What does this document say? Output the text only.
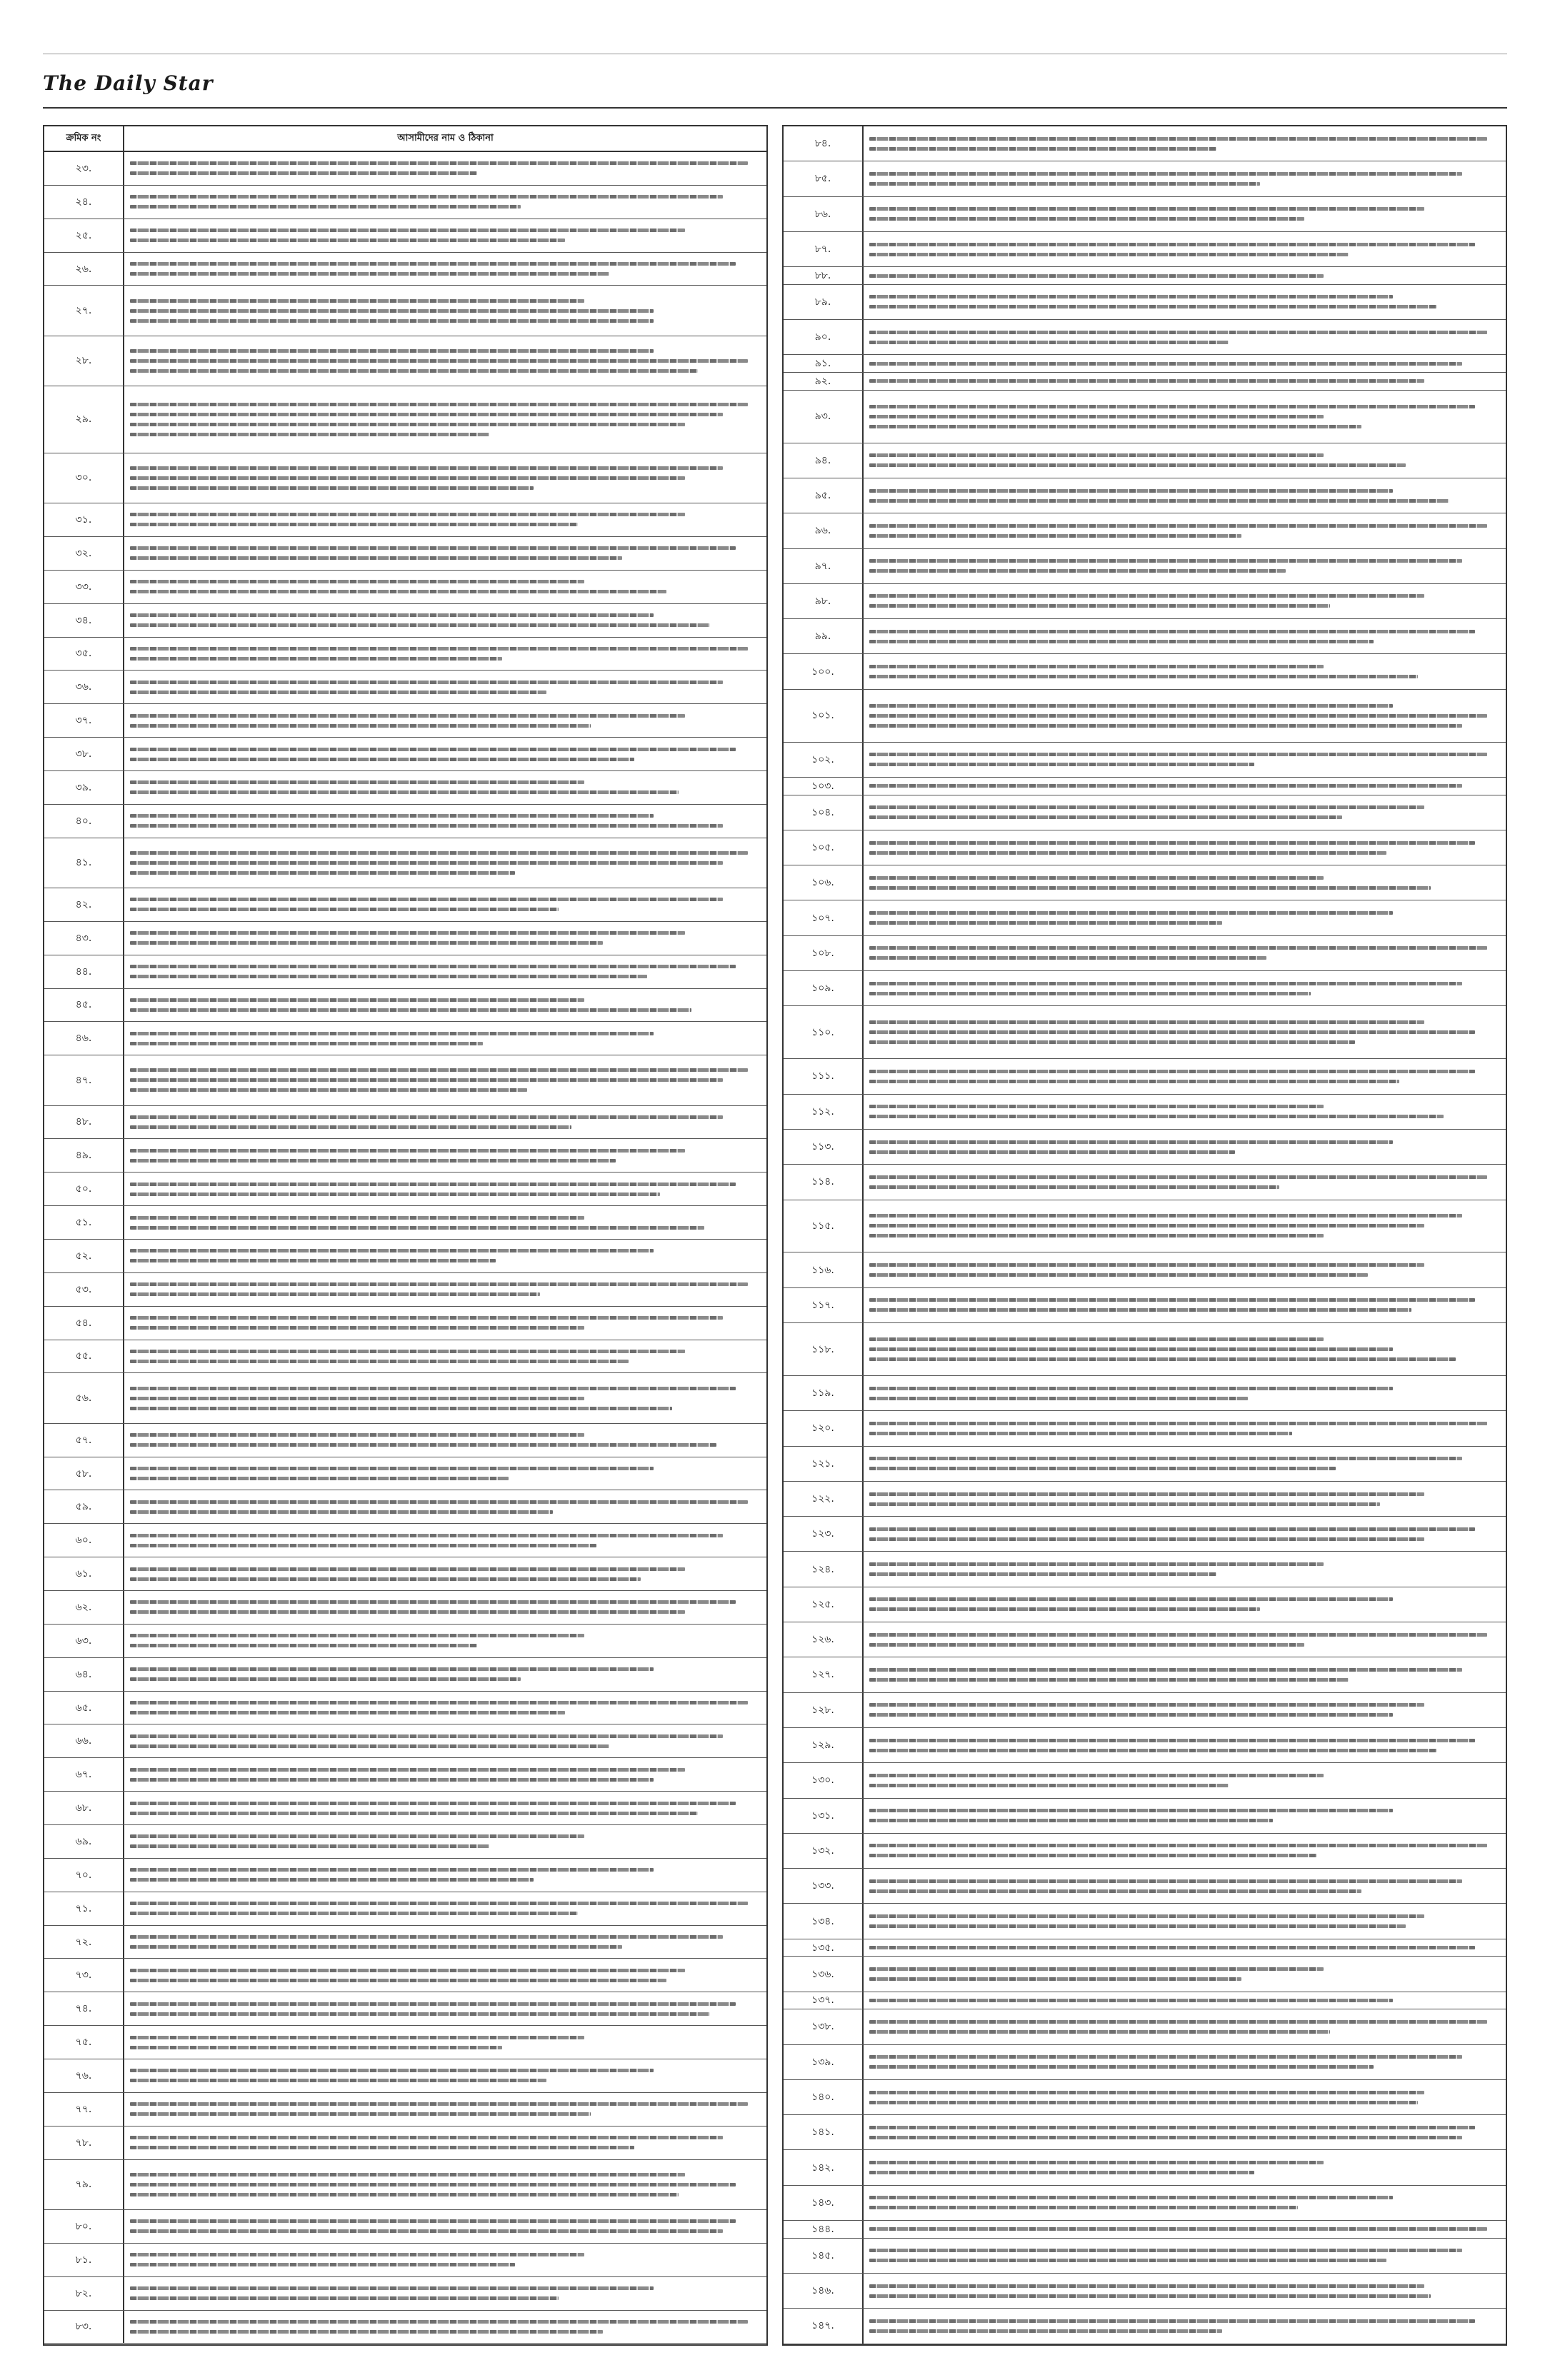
The Daily Star
ক্রমিক নং	আসামীদের নাম ও ঠিকানা
২৩.
২৪.
২৫.
২৬.
২৭.
২৮.
২৯.
৩০.
৩১.
৩২.
৩৩.
৩৪.
৩৫.
৩৬.
৩৭.
৩৮.
৩৯.
৪০.
৪১.
৪২.
৪৩.
৪৪.
৪৫.
৪৬.
৪৭.
৪৮.
৪৯.
৫০.
৫১.
৫২.
৫৩.
৫৪.
৫৫.
৫৬.
৫৭.
৫৮.
৫৯.
৬০.
৬১.
৬২.
৬৩.
৬৪.
৬৫.
৬৬.
৬৭.
৬৮.
৬৯.
৭০.
৭১.
৭২.
৭৩.
৭৪.
৭৫.
৭৬.
৭৭.
৭৮.
৭৯.
৮০.
৮১.
৮২.
৮৩.
৮৪.
৮৫.
৮৬.
৮৭.
৮৮.
৮৯.
৯০.
৯১.
৯২.
৯৩.
৯৪.
৯৫.
৯৬.
৯৭.
৯৮.
৯৯.
১০০.
১০১.
১০২.
১০৩.
১০৪.
১০৫.
১০৬.
১০৭.
১০৮.
১০৯.
১১০.
১১১.
১১২.
১১৩.
১১৪.
১১৫.
১১৬.
১১৭.
১১৮.
১১৯.
১২০.
১২১.
১২২.
১২৩.
১২৪.
১২৫.
১২৬.
১২৭.
১২৮.
১২৯.
১৩০.
১৩১.
১৩২.
১৩৩.
১৩৪.
১৩৫.
১৩৬.
১৩৭.
১৩৮.
১৩৯.
১৪০.
১৪১.
১৪২.
১৪৩.
১৪৪.
১৪৫.
১৪৬.
১৪৭.
